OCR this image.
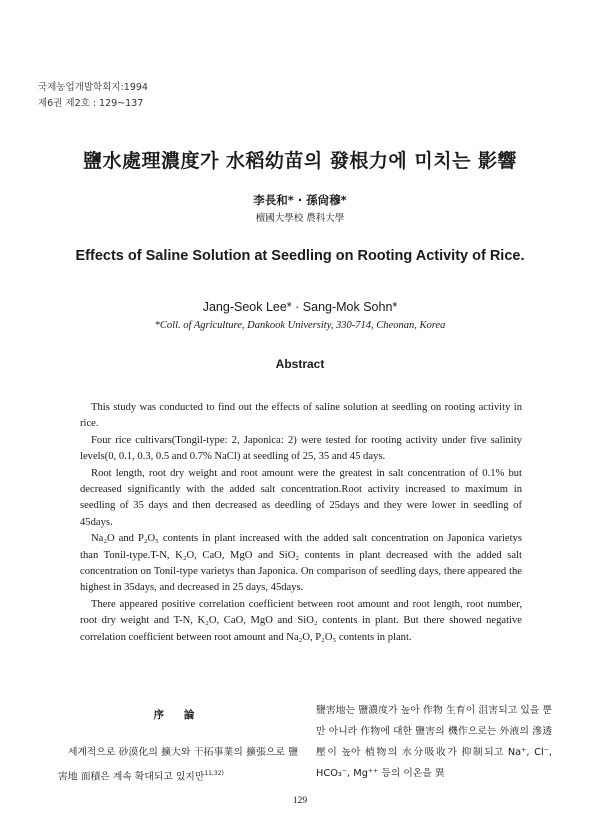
국제농업개발학회지:1994
제6권 제2호 : 129~137
鹽水處理濃度가 水稻幼苗의 發根力에 미치는 影響
李長和* · 孫尙穆*
檀國大學校 農科大學
Effects of Saline Solution at Seedling on Rooting Activity of Rice.
Jang-Seok Lee* · Sang-Mok Sohn*
*Coll. of Agriculture, Dankook University, 330-714, Cheonan, Korea
Abstract

This study was conducted to find out the effects of saline solution at seedling on rooting activity in rice.

Four rice cultivars(Tongil-type: 2, Japonica: 2) were tested for rooting activity under five salinity levels(0, 0.1, 0.3, 0.5 and 0.7% NaCl) at seedling of 25, 35 and 45 days.

Root length, root dry weight and root amount were the greatest in salt concentration of 0.1% but decreased significantly with the added salt concentration.Root activity increased to maximum in seedling of 35 days and then decreased as deedling of 25days and they were lower in seedling of 45days.

Na₂O and P₂O₅ contents in plant increased with the added salt concentration on Japonica varietys than Tonil-type.T-N, K₂O, CaO, MgO and SiO₂ contents in plant decreased with the added salt concentration on Tonil-type varietys than Japonica. On comparison of seedling days, there appeared the highest in 35days, and decreased in 25 days, 45days.

There appeared positive correlation coefficient between root amount and root length, root number, root dry weight and T-N, K₂O, CaO, MgO and SiO₂ contents in plant. But there showed negative correlation coefficient between root amount and Na₂O, P₂O₅ contents in plant.

序 論

세계적으로 砂漠化의 擴大와 干拓事業의 擴張으로 鹽害地 面積은 계속 확대되고 있지만$^{11,32)}$

鹽害地는 鹽濃度가 높아 作物 生育이 沮害되고 있을 뿐만 아니라 作物에 대한 鹽害의 機作으로는 外液의 滲透壓이 높아 植物의 水分吸收가 抑制되고 Na⁺, Cl⁻, HCO₃⁻, Mg⁺⁺ 등의 이온을 異

129
